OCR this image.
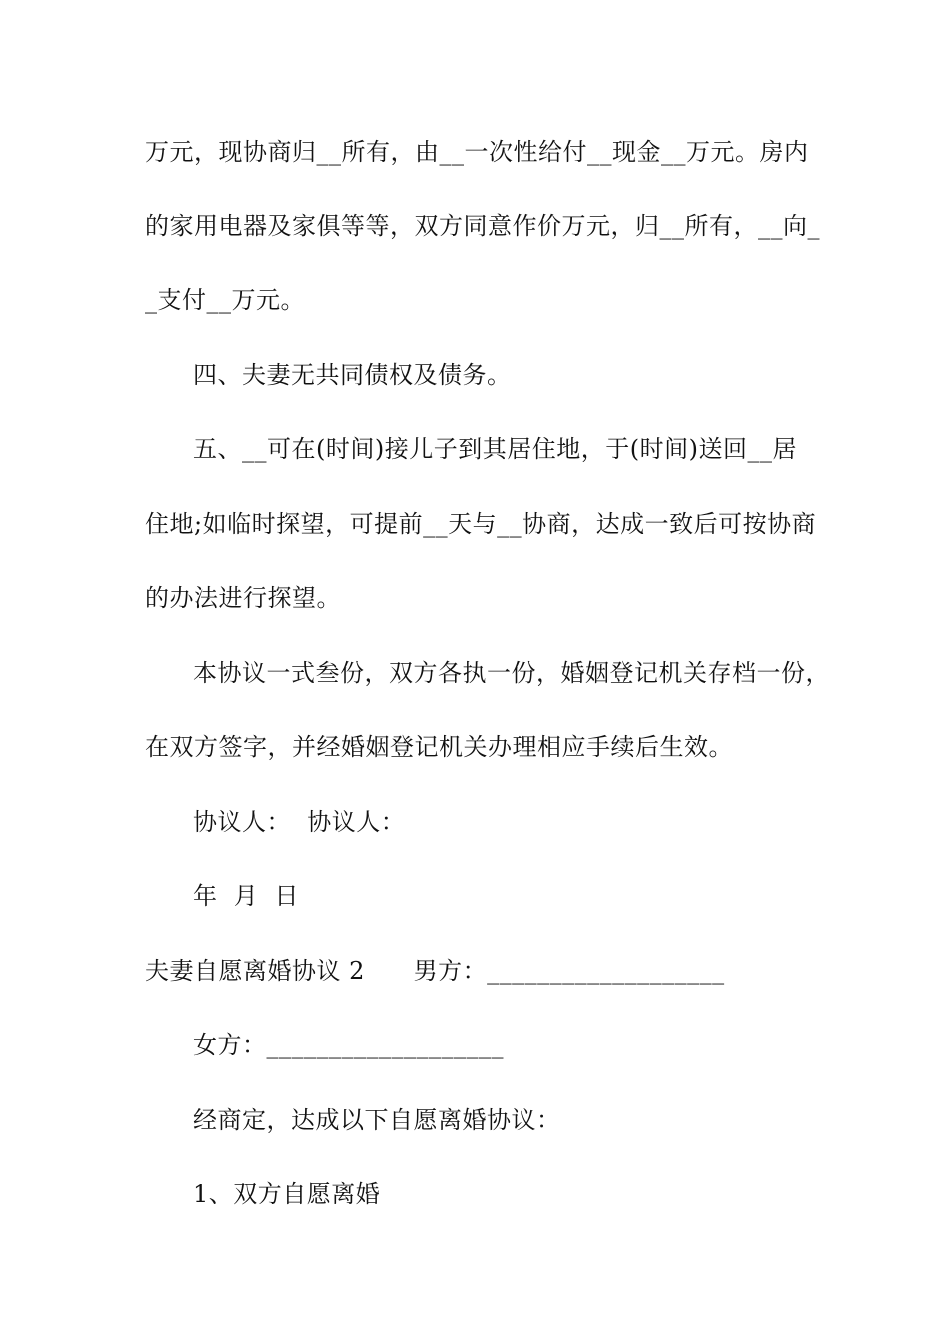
万元，现协商归__所有，由__一次性给付__现金__万元。房内
的家用电器及家俱等等，双方同意作价万元，归__所有，__向_
_支付__万元。
四、夫妻无共同债权及债务。
五、__可在(时间)接儿子到其居住地，于(时间)送回__居
住地;如临时探望，可提前__天与__协商，达成一致后可按协商
的办法进行探望。
本协议一式叁份，双方各执一份，婚姻登记机关存档一份，
在双方签字，并经婚姻登记机关办理相应手续后生效。
协议人：  协议人：
年  月  日
夫妻自愿离婚协议 2      男方：___________________
女方：___________________
经商定，达成以下自愿离婚协议：
1、双方自愿离婚
